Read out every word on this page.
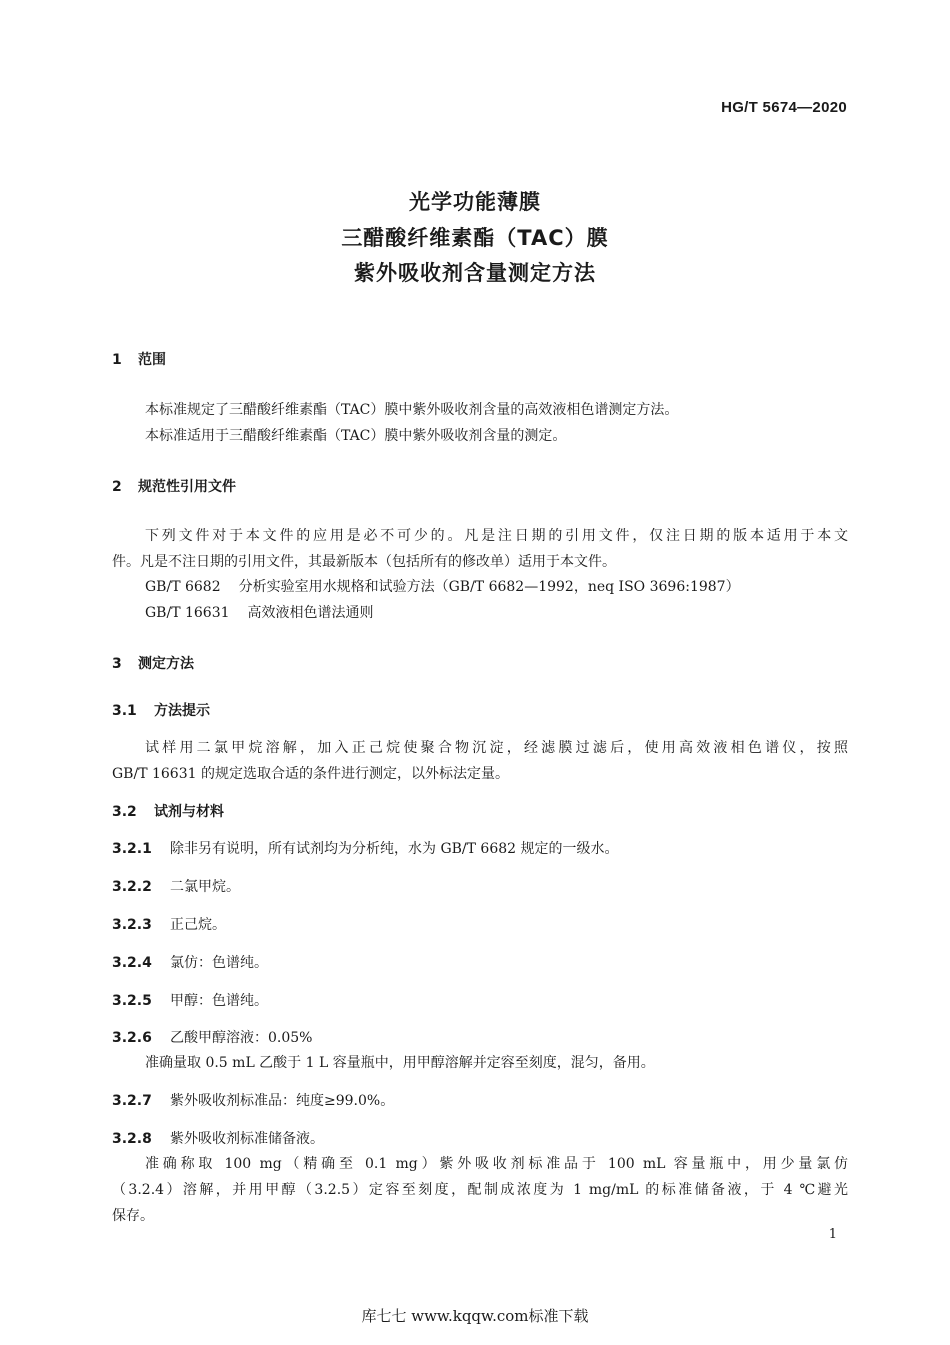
HG/T 5674—2020
光学功能薄膜
三醋酸纤维素酯（TAC）膜
紫外吸收剂含量测定方法
1 范围
本标准规定了三醋酸纤维素酯（TAC）膜中紫外吸收剂含量的高效液相色谱测定方法。
本标准适用于三醋酸纤维素酯（TAC）膜中紫外吸收剂含量的测定。
2 规范性引用文件
下列文件对于本文件的应用是必不可少的。凡是注日期的引用文件，仅注日期的版本适用于本文
件。凡是不注日期的引用文件，其最新版本（包括所有的修改单）适用于本文件。
GB/T 6682 分析实验室用水规格和试验方法（GB/T 6682—1992，neq ISO 3696:1987）
GB/T 16631 高效液相色谱法通则
3 测定方法
3.1 方法提示
试样用二氯甲烷溶解，加入正己烷使聚合物沉淀，经滤膜过滤后，使用高效液相色谱仪，按照
GB/T 16631 的规定选取合适的条件进行测定，以外标法定量。
3.2 试剂与材料
3.2.1 除非另有说明，所有试剂均为分析纯，水为 GB/T 6682 规定的一级水。
3.2.2 二氯甲烷。
3.2.3 正己烷。
3.2.4 氯仿：色谱纯。
3.2.5 甲醇：色谱纯。
3.2.6 乙酸甲醇溶液：0.05%
准确量取 0.5 mL 乙酸于 1 L 容量瓶中，用甲醇溶解并定容至刻度，混匀，备用。
3.2.7 紫外吸收剂标准品：纯度≥99.0%。
3.2.8 紫外吸收剂标准储备液。
准确称取 100 mg（精确至 0.1 mg）紫外吸收剂标准品于 100 mL 容量瓶中，用少量氯仿
（3.2.4）溶解，并用甲醇（3.2.5）定容至刻度，配制成浓度为 1 mg/mL 的标准储备液，于 4 ℃避光
保存。
1
库七七 www.kqqw.com标准下载
